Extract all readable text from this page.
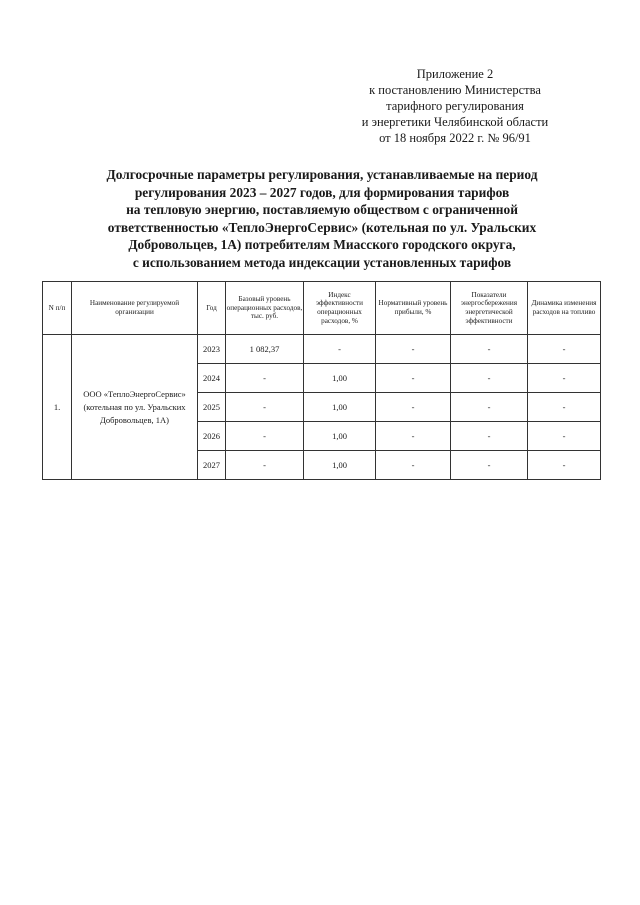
Приложение 2
к постановлению Министерства
тарифного регулирования
и энергетики Челябинской области
от 18 ноября 2022 г. № 96/91
Долгосрочные параметры регулирования, устанавливаемые на период
регулирования 2023 – 2027 годов, для формирования тарифов
на тепловую энергию, поставляемую обществом с ограниченной
ответственностью «ТеплоЭнергоСервис» (котельная по ул. Уральских
Добровольцев, 1А) потребителям Миасского городского округа,
с использованием метода индексации установленных тарифов
N п/п	Наименование регулируемой организации	Год	Базовый уровень операционных расходов, тыс. руб.	Индекс эффективности операционных расходов, %	Нормативный уровень прибыли, %	Показатели энергосбережения энергетической эффективности	Динамика изменения расходов на топливо
1.	ООО «ТеплоЭнергоСервис» (котельная по ул. Уральских Добровольцев, 1А)	2023	1 082,37	-	-	-	-
		2024	-	1,00	-	-	-
		2025	-	1,00	-	-	-
		2026	-	1,00	-	-	-
		2027	-	1,00	-	-	-
